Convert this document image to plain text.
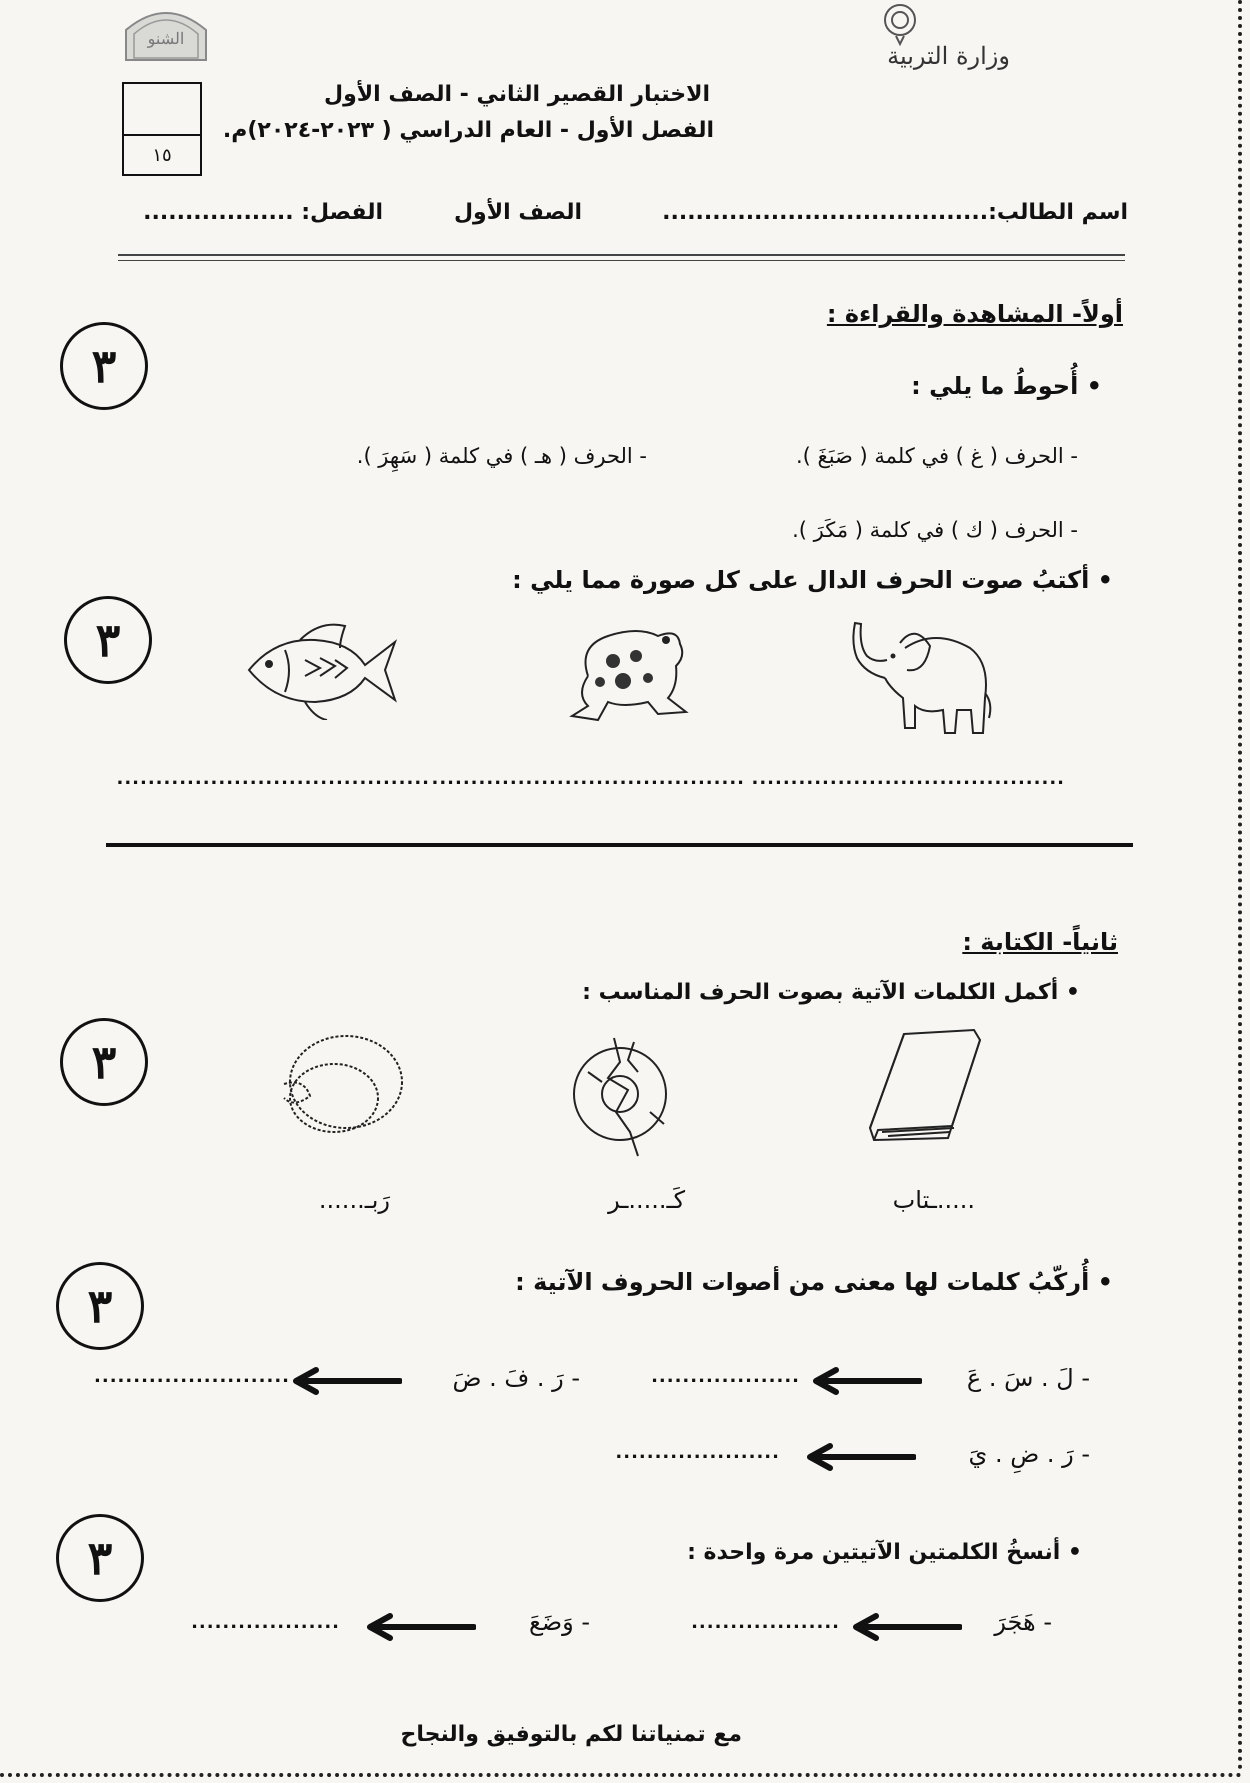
وزارة التربية
الشنو
١٥
الاختبار القصير الثاني - الصف الأول
الفصل الأول - العام الدراسي ( ٢٠٢٣-٢٠٢٤)م.
اسم الطالب:.......................................
الصف الأول
الفصل: ..................
أولاً- المشاهدة والقراءة :
٣	• أُحوطُ ما يلي :
- الحرف ( غ ) في كلمة ( صَبَغَ ).
- الحرف ( هـ ) في كلمة ( سَهِرَ ).
- الحرف ( ك ) في كلمة ( مَكَرَ ).
• أكتبُ صوت الحرف الدال على كل صورة مما يلي :
٣
........................................
........................................
........................................
ثانياً- الكتابة :
• أكمل الكلمات الآتية بصوت الحرف المناسب :
٣
.....ـتاب
كَـ.....ـر
رَبـ......
• أُركّبُ كلمات لها معنى من أصوات الحروف الآتية :
٣
- لَ . سَ . عَ
...................
- رَ . فَ . ضَ
.........................
- رَ . ضِ . يَ
.....................
• أنسخُ الكلمتين الآتيتين مرة واحدة :
٣
- هَجَرَ
...................
- وَضَعَ
...................
مع تمنياتنا لكم بالتوفيق والنجاح
